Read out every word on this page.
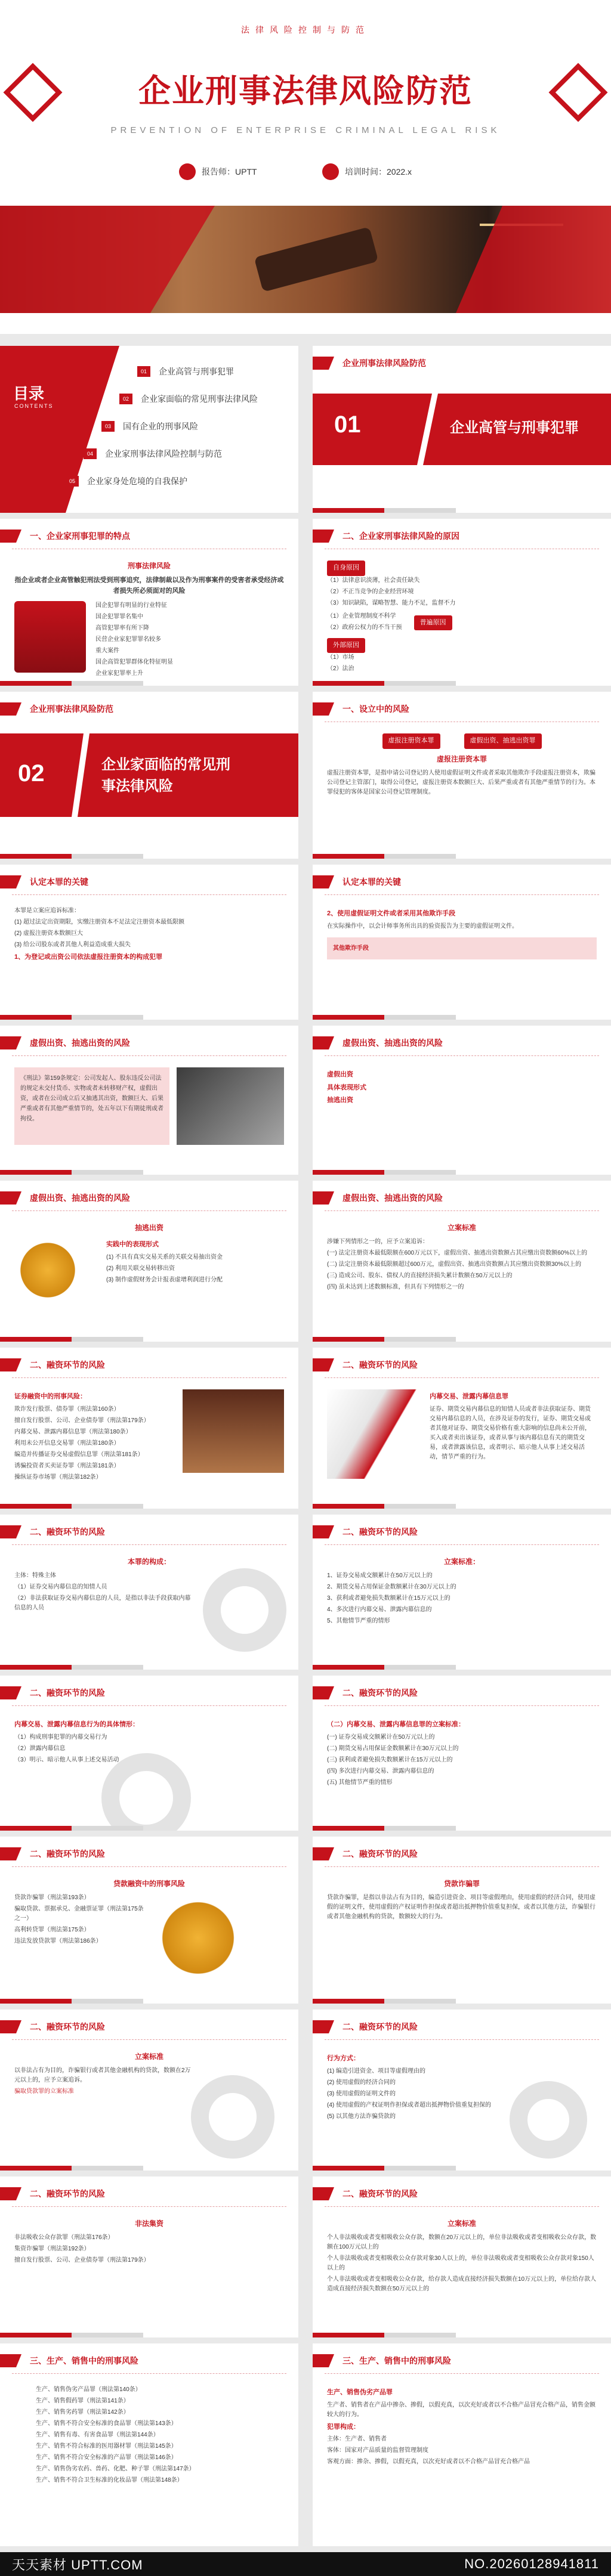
法律风险控制与防范
企业刑事法律风险防范
PREVENTION OF ENTERPRISE CRIMINAL LEGAL RISK
报告师：UPTT	培训时间：2022.x
目录
CONTENTS
01	企业高管与刑事犯罪
02	企业家面临的常见刑事法律风险
03	国有企业的刑事风险
04	企业家刑事法律风险控制与防范
05	企业家身处危境的自我保护
企业刑事法律风险防范
01	企业高管与刑事犯罪
一、企业家刑事犯罪的特点
刑事法律风险

指企业或者企业高管触犯刑法受到刑事追究，法律制裁以及作为刑事案件的受害者承受经济或者损失所必须面对的风险

国企犯罪有明显的行业特征

国企犯罪罪名集中

高管犯罪率有所下降

民营企业家犯罪罪名较多

重大案件

国企高管犯罪群体化特征明显

企业家犯罪率上升

二、企业家刑事法律风险的原因
自身原因

（1）法律意识淡薄，社会责任缺失

（2）不正当竞争的企业经营环境

（3）知识缺陷，谋略智慧、能力不足，监督不力

（1）企业管理制度不科学

（2）政府公权力的不当干预

普遍原因
外部原因

（1）市场

（2）法治

企业刑事法律风险防范
02	企业家面临的常见刑事法律风险
一、设立中的风险
虚报注册资本罪	虚假出资、抽逃出资罪
虚报注册资本罪

虚报注册资本罪，是指申请公司登记的人使用虚假证明文件或者采取其他欺诈手段虚报注册资本，欺骗公司登记主管部门，取得公司登记，虚报注册资本数额巨大、后果严重或者有其他严重情节的行为。本罪侵犯的客体是国家公司登记管理制度。

认定本罪的关键

本罪是立案应追诉标准：

(1) 超过法定出资期限，实缴注册资本不足法定注册资本最低限额

(2) 虚报注册资本数额巨大

(3) 给公司股东或者其他人利益造成重大损失

1、为登记或出资公司依法虚报注册资本的构成犯罪
认定本罪的关键
2、使用虚假证明文件或者采用其他欺诈手段

在实际操作中，以会计师事务所出具的验资报告为主要的虚假证明文件。

其他欺诈手段
虚假出资、抽逃出资的风险
《刑法》第159条规定：公司发起人、股东违反公司法的规定未交付货币、实物或者未转移财产权，虚假出资，或者在公司成立后又抽逃其出资，数额巨大、后果严重或者有其他严重情节的，处五年以下有期徒刑或者拘役。
虚假出资、抽逃出资的风险
虚假出资
具体表现形式
抽逃出资
虚假出资、抽逃出资的风险
抽逃出资
实践中的表现形式

(1) 不具有真实交易关系的关联交易抽出资金

(2) 利用关联交易转移出资

(3) 制作虚假财务会计报表虚增利润进行分配

虚假出资、抽逃出资的风险
立案标准

涉嫌下列情形之一的，应予立案追诉：

(一) 法定注册资本最低限额在600万元以下，虚假出资、抽逃出资数额占其应缴出资数额60%以上的

(二) 法定注册资本最低限额超过600万元，虚假出资、抽逃出资数额占其应缴出资数额30%以上的

(三) 造成公司、股东、债权人的直接经济损失累计数额在50万元以上的

(四) 虽未达到上述数额标准，但具有下列情形之一的

二、融资环节的风险
证券融资中的刑事风险：

欺诈发行股票、债券罪（刑法第160条）

擅自发行股票、公司、企业债券罪（刑法第179条）

内幕交易、泄露内幕信息罪（刑法第180条）

利用未公开信息交易罪（刑法第180条）

编造并传播证券交易虚假信息罪（刑法第181条）

诱骗投资者买卖证券罪（刑法第181条）

操纵证券市场罪（刑法第182条）

二、融资环节的风险
内幕交易、泄露内幕信息罪

证券、期货交易内幕信息的知情人员或者非法获取证券、期货交易内幕信息的人员，在涉及证券的发行，证券、期货交易或者其他对证券、期货交易价格有重大影响的信息尚未公开前，买入或者卖出该证券，或者从事与该内幕信息有关的期货交易，或者泄露该信息，或者明示、暗示他人从事上述交易活动，情节严重的行为。

二、融资环节的风险
本罪的构成：

主体：特殊主体

（1）证券交易内幕信息的知情人员

（2）非法获取证券交易内幕信息的人员，是指以非法手段获取内幕信息的人员

二、融资环节的风险
立案标准：

1、证券交易成交额累计在50万元以上的

2、期货交易占用保证金数额累计在30万元以上的

3、获利或者避免损失数额累计在15万元以上的

4、多次进行内幕交易、泄露内幕信息的

5、其他情节严重的情形

二、融资环节的风险
内幕交易、泄露内幕信息行为的具体情形：

（1）构成刑事犯罪的内幕交易行为

（2）泄露内幕信息

（3）明示、暗示他人从事上述交易活动

二、融资环节的风险
（二）内幕交易、泄露内幕信息罪的立案标准：

(一) 证券交易成交额累计在50万元以上的

(二) 期货交易占用保证金数额累计在30万元以上的

(三) 获利或者避免损失数额累计在15万元以上的

(四) 多次进行内幕交易、泄露内幕信息的

(五) 其他情节严重的情形

二、融资环节的风险
贷款融资中的刑事风险

贷款诈骗罪（刑法第193条）

骗取贷款、票据承兑、金融票证罪（刑法第175条之一）

高利转贷罪（刑法第175条）

违法发放贷款罪（刑法第186条）

二、融资环节的风险
贷款诈骗罪

贷款诈骗罪，是指以非法占有为目的，编造引进资金、项目等虚假理由，使用虚假的经济合同，使用虚假的证明文件，使用虚假的产权证明作担保或者超出抵押物价值重复担保，或者以其他方法，诈骗银行或者其他金融机构的贷款，数额较大的行为。

二、融资环节的风险
立案标准

以非法占有为目的，诈骗银行或者其他金融机构的贷款，数额在2万元以上的，应予立案追诉。

骗取贷款罪的立案标准

二、融资环节的风险
行为方式：

(1) 编造引进资金、项目等虚假理由的

(2) 使用虚假的经济合同的

(3) 使用虚假的证明文件的

(4) 使用虚假的产权证明作担保或者超出抵押物价值重复担保的

(5) 以其他方法诈骗贷款的

二、融资环节的风险
非法集资

非法吸收公众存款罪（刑法第176条）

集资诈骗罪（刑法第192条）

擅自发行股票、公司、企业债券罪（刑法第179条）

二、融资环节的风险
立案标准

个人非法吸收或者变相吸收公众存款，数额在20万元以上的，单位非法吸收或者变相吸收公众存款，数额在100万元以上的

个人非法吸收或者变相吸收公众存款对象30人以上的，单位非法吸收或者变相吸收公众存款对象150人以上的

个人非法吸收或者变相吸收公众存款，给存款人造成直接经济损失数额在10万元以上的，单位给存款人造成直接经济损失数额在50万元以上的

三、生产、销售中的刑事风险

生产、销售伪劣产品罪（刑法第140条）

生产、销售假药罪（刑法第141条）

生产、销售劣药罪（刑法第142条）

生产、销售不符合安全标准的食品罪（刑法第143条）

生产、销售有毒、有害食品罪（刑法第144条）

生产、销售不符合标准的医用器材罪（刑法第145条）

生产、销售不符合安全标准的产品罪（刑法第146条）

生产、销售伪劣农药、兽药、化肥、种子罪（刑法第147条）

生产、销售不符合卫生标准的化妆品罪（刑法第148条）

三、生产、销售中的刑事风险
生产、销售伪劣产品罪

生产者、销售者在产品中掺杂、掺假，以假充真，以次充好或者以不合格产品冒充合格产品，销售金额较大的行为。

犯罪构成：

主体：生产者、销售者

客体：国家对产品质量的监督管理制度

客观方面：掺杂、掺假，以假充真，以次充好或者以不合格产品冒充合格产品

天天素材 UPTT.COM	NO.20260128941811
